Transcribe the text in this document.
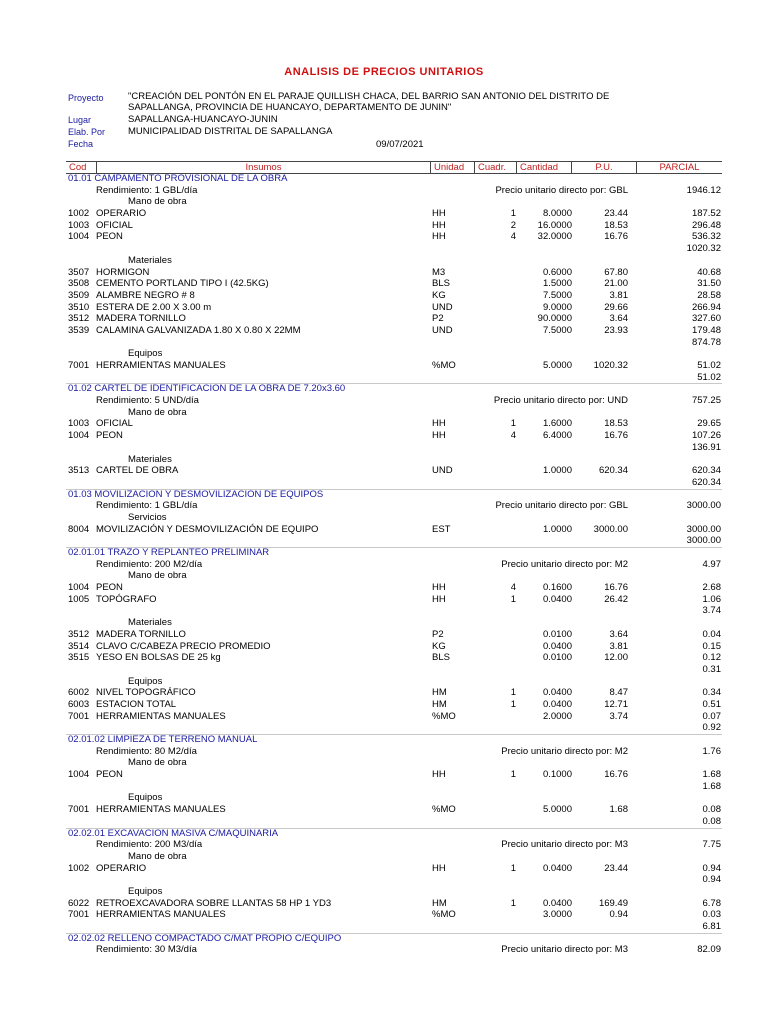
ANALISIS DE PRECIOS UNITARIOS
Proyecto	"CREACIÓN DEL PONTÓN EN EL PARAJE QUILLISH CHACA, DEL BARRIO SAN ANTONIO DEL DISTRITO DE
SAPALLANGA, PROVINCIA DE HUANCAYO, DEPARTAMENTO DE JUNIN"
Lugar	SAPALLANGA-HUANCAYO-JUNIN
Elab. Por MUNICIPALIDAD DISTRITAL DE SAPALLANGA
Fecha	09/07/2021
Cod	Insumos	Unidad	Cuadr.	Cantidad	P.U.	PARCIAL
01.01 CAMPAMENTO PROVISIONAL DE LA OBRA
Rendimiento: 1 GBL/día	Precio unitario directo por: GBL	1946.12
Mano de obra
1002 OPERARIO	HH	1	8.0000	23.44	187.52
1003 OFICIAL	HH	2	16.0000	18.53	296.48
1004 PEON	HH	4	32.0000	16.76	536.32
1020.32
Materiales
3507 HORMIGON	M3	0.6000	67.80	40.68
3508 CEMENTO PORTLAND TIPO I (42.5KG)	BLS	1.5000	21.00	31.50
3509 ALAMBRE NEGRO # 8	KG	7.5000	3.81	28.58
3510 ESTERA DE 2.00 X 3.00 m	UND	9.0000	29.66	266.94
3512 MADERA TORNILLO	P2	90.0000	3.64	327.60
3539 CALAMINA GALVANIZADA 1.80 X 0.80 X 22MM	UND	7.5000	23.93	179.48
874.78
Equipos
7001 HERRAMIENTAS MANUALES	%MO	5.0000	1020.32	51.02
51.02
01.02 CARTEL DE IDENTIFICACION DE LA OBRA DE 7.20x3.60
Rendimiento: 5 UND/día	Precio unitario directo por: UND	757.25
Mano de obra
1003 OFICIAL	HH	1	1.6000	18.53	29.65
1004 PEON	HH	4	6.4000	16.76	107.26
136.91
Materiales
3513 CARTEL DE OBRA	UND	1.0000	620.34	620.34
620.34
01.03 MOVILIZACION Y DESMOVILIZACION DE EQUIPOS
Rendimiento: 1 GBL/día	Precio unitario directo por: GBL	3000.00
Servicios
8004 MOVILIZACIÓN Y DESMOVILIZACIÓN DE EQUIPO	EST	1.0000	3000.00	3000.00
3000.00
02.01.01 TRAZO Y REPLANTEO PRELIMINAR
Rendimiento: 200 M2/día	Precio unitario directo por: M2	4.97
Mano de obra
1004 PEON	HH	4	0.1600	16.76	2.68
1005 TOPÓGRAFO	HH	1	0.0400	26.42	1.06
3.74
Materiales
3512 MADERA TORNILLO	P2	0.0100	3.64	0.04
3514 CLAVO C/CABEZA PRECIO PROMEDIO	KG	0.0400	3.81	0.15
3515 YESO EN BOLSAS DE 25 kg	BLS	0.0100	12.00	0.12
0.31
Equipos
6002 NIVEL TOPOGRÁFICO	HM	1	0.0400	8.47	0.34
6003 ESTACION TOTAL	HM	1	0.0400	12.71	0.51
7001 HERRAMIENTAS MANUALES	%MO	2.0000	3.74	0.07
0.92
02.01.02 LIMPIEZA DE TERRENO MANUAL
Rendimiento: 80 M2/día	Precio unitario directo por: M2	1.76
Mano de obra
1004 PEON	HH	1	0.1000	16.76	1.68
1.68
Equipos
7001 HERRAMIENTAS MANUALES	%MO	5.0000	1.68	0.08
0.08
02.02.01 EXCAVACION MASIVA C/MAQUINARIA
Rendimiento: 200 M3/día	Precio unitario directo por: M3	7.75
Mano de obra
1002 OPERARIO	HH	1	0.0400	23.44	0.94
0.94
Equipos
6022 RETROEXCAVADORA SOBRE LLANTAS 58 HP 1 YD3	HM	1	0.0400	169.49	6.78
7001 HERRAMIENTAS MANUALES	%MO	3.0000	0.94	0.03
6.81
02.02.02 RELLENO COMPACTADO C/MAT PROPIO C/EQUIPO
Rendimiento: 30 M3/día	Precio unitario directo por: M3	82.09
